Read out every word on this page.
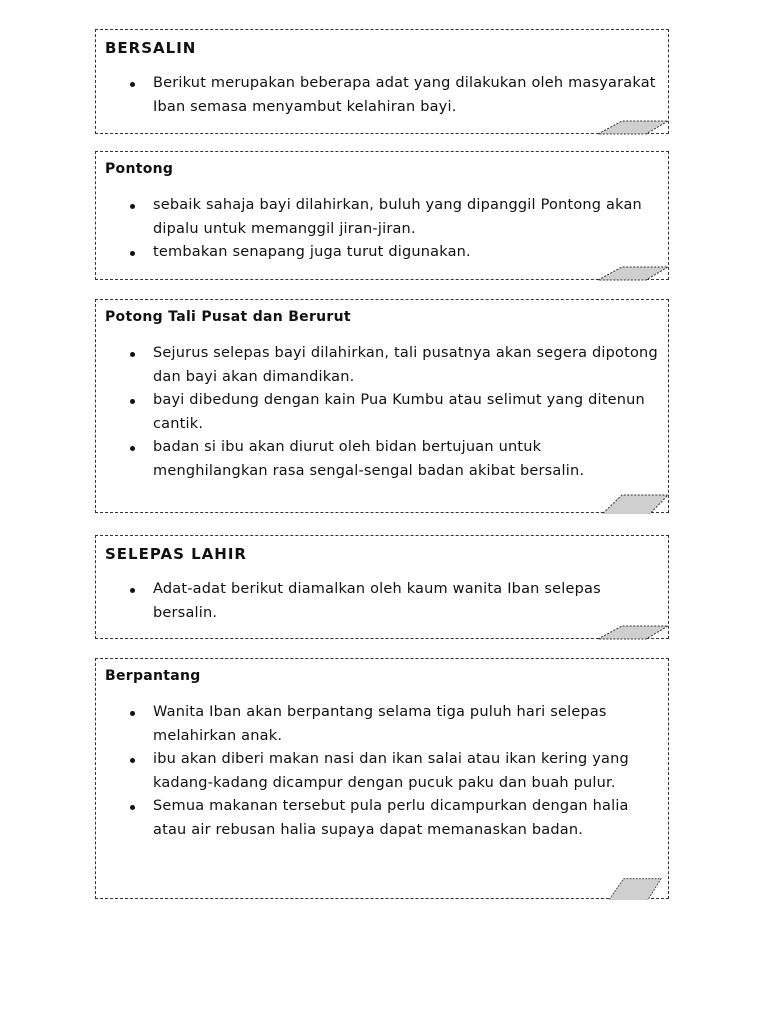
BERSALIN
Berikut merupakan beberapa adat yang dilakukan oleh masyarakat Iban semasa menyambut kelahiran bayi.
Pontong
sebaik sahaja bayi dilahirkan, buluh yang dipanggil Pontong akan dipalu untuk memanggil jiran-jiran.
tembakan senapang juga turut digunakan.
Potong Tali Pusat dan Berurut
Sejurus selepas bayi dilahirkan, tali pusatnya akan segera dipotong dan bayi akan dimandikan.
bayi dibedung dengan kain Pua Kumbu atau selimut yang ditenun cantik.
badan si ibu akan diurut oleh bidan bertujuan untuk menghilangkan rasa sengal-sengal badan akibat bersalin.
SELEPAS LAHIR
Adat-adat berikut diamalkan oleh kaum wanita Iban selepas bersalin.
Berpantang
Wanita Iban akan berpantang selama tiga puluh hari selepas melahirkan anak.
ibu akan diberi makan nasi dan ikan salai atau ikan kering yang kadang-kadang dicampur dengan pucuk paku dan buah pulur.
Semua makanan tersebut pula perlu dicampurkan dengan halia atau air rebusan halia supaya dapat memanaskan badan.
